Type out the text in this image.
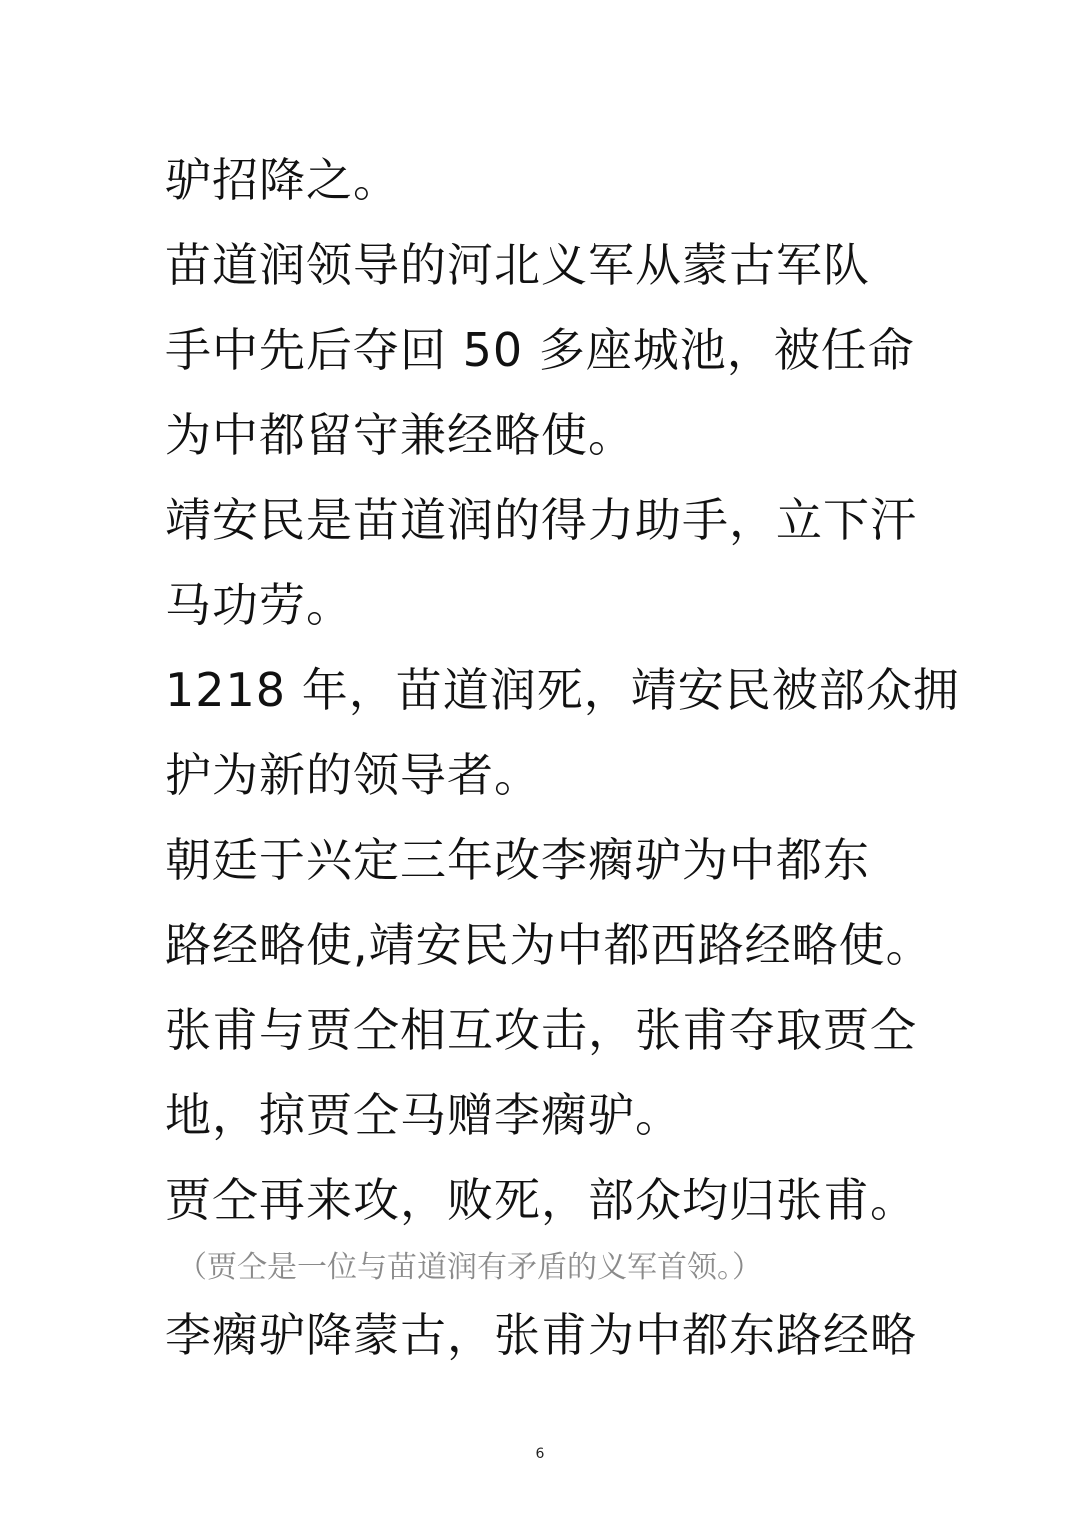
驴招降之。
苗道润领导的河北义军从蒙古军队
手中先后夺回 50 多座城池，被任命
为中都留守兼经略使。
靖安民是苗道润的得力助手，立下汗
马功劳。
1218 年，苗道润死，靖安民被部众拥
护为新的领导者。
朝廷于兴定三年改李瘸驴为中都东
路经略使,靖安民为中都西路经略使。
张甫与贾仝相互攻击，张甫夺取贾仝
地，掠贾仝马赠李瘸驴。
贾仝再来攻，败死，部众均归张甫。
（贾仝是一位与苗道润有矛盾的义军首领。）
李瘸驴降蒙古，张甫为中都东路经略
6
